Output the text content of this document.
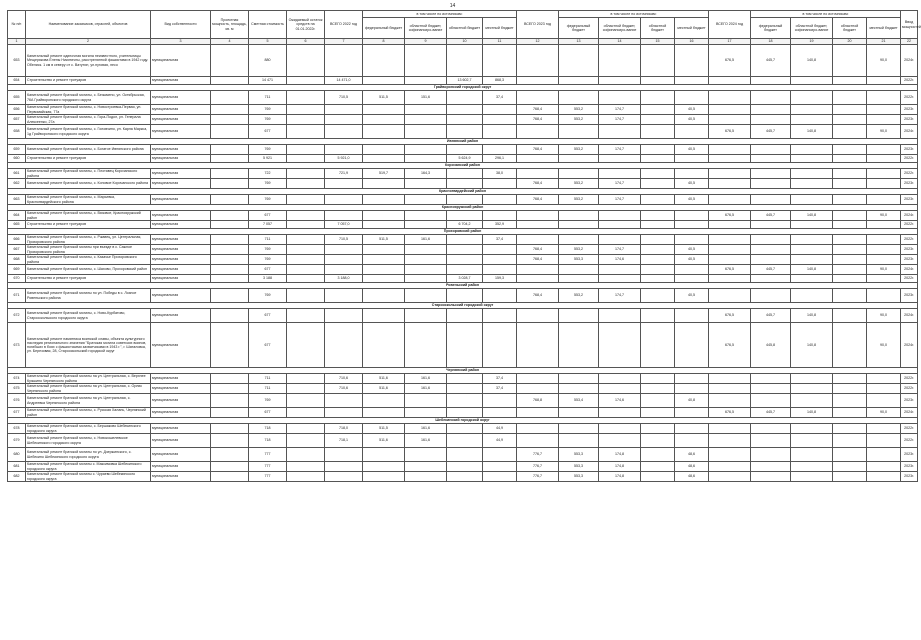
14
№ п/п	Наименование заказчиков, отраслей, объектов	Вид собственности	Проектная мощность, площадь, кв. м	Сметная стоимость	Ожидаемый остаток средств на 01.01.2022г.	ВСЕГО 2022 год	в том числе по источникам:				ВСЕГО 2023 год	в том числе по источникам:				ВСЕГО 2024 год	в том числе по источникам:				Ввод мощностей
							федеральный бюджет	областной бюджет, софинансиро-вание	областной бюджет	местный бюджет		федеральный бюджет	областной бюджет, софинансиро-вание	областной бюджет	местный бюджет		федеральный бюджет	областной бюджет, софинансиро-вание	областной бюджет	местный бюджет	
1	2	3	4	5	6	7	8	9	10	11	12	13	14	15	16	17	18	19	20	21	22
653	Капитальный ремонт одиночная могила неизвестного, учительницы Мещерякова Елены Никитичны, расстрелянной фашистами в 1942 году. Обелиск. 1 км в северу от с. Ватутин, ул.пуговая, лесо	муниципальная		880												676,5	445,7	140,8		90,0	2024г.
654	Строительство и ремонт тротуаров	муниципальная		14 471		14 471,0			13 602,7	868,3											2022г.
Грайворонский городской округ																					
655	Капитальный ремонт братской могилы, с. Безымено, ул. Октябрьская, 76А Грайворонского городского округа	муниципальная		711		710,5	511,5	151,6		37,4											2022г.
656	Капитальный ремонт братской могилы, с. Новостроевка-Первая, ул. Первомайская, 77а	муниципальная		769							768,4	553,2	174,7		40,5						2023г.
657	Капитальный ремонт братской могилы, с. Гора-Подол, ул. Генерала Алексеенко, 27а	муниципальная		769							768,4	553,2	174,7		40,5						2023г.
658	Капитальный ремонт братской могилы, с. Головчино, ул. Карла Маркса, 1д Грайворонского городского округа	муниципальная		677												676,5	445,7	140,8		90,0	2024г.
Ивнянский район																					
659	Капитальный ремонт братской могилы, с. Богатое Ивнянского района	муниципальная		769							768,4	553,2	174,7		40,5						2023г.
660	Строительство и ремонт тротуаров	муниципальная		5 921		5 921,0			5 624,9	296,1											2022г.
Корочанский район																					
661	Капитальный ремонт братской могилы, с. Плотавец Корочанского района	муниципальная		722		721,9	519,7	164,3		38,0											2022г.
662	Капитальный ремонт братской могилы, с. Коновое Корочанского района	муниципальная		769							768,4	553,2	174,7		40,5						2023г.
Красногвардейский район																					
663	Капитальный ремонт братской могилы, с. Марьевка, Красногвардейского района	муниципальная		769							768,4	553,2	174,7		40,5						2023г.
Краснояружский район																					
664	Капитальный ремонт братской могилы, с. Вязовое, Краснояружский район	муниципальная		677												676,5	445,7	140,8		90,0	2024г.
665	Строительство и ремонт тротуаров	муниципальная		7 057		7 057,0			6 704,2	352,9											2022г.
Прохоровский район																					
666	Капитальный ремонт братской могилы, с. Ржавец, ул. Центральная, Прохоровского района	муниципальная		711		710,5	511,5	161,6		37,4											2022г.
667	Капитальный ремонт братской могилы при въезде в с. Сажное Прохоровского района	муниципальная		769							768,4	553,2	174,7		40,5						2023г.
668	Капитальный ремонт братской могилы, с. Казачье Прохоровского района	муниципальная		769							768,4	553,3	174,6		40,5						2023г.
669	Капитальный ремонт братской могилы, с. Шахово, Прохоровский район	муниципальная		677												676,5	445,7	140,8		90,0	2024г.
670	Строительство и ремонт тротуаров	муниципальная		3 188		3 188,0			3 028,7	159,3											2022г.
Ровеньский район																					
671	Капитальный ремонт братской могилы по ул. Победы в с. Лозное Ровеньского района	муниципальная		769							768,4	553,2	174,7		40,5						2023г.
Старооскольский городской округ																					
672	Капитальный ремонт братской могилы, с. Ново-Курбатово, Старооскольского городского округа	муниципальная		677												676,5	445,7	140,8		90,0	2024г.
673	Капитальный ремонт памятника воинской славы, объекта культурного наследия регионального значения "Братская могила советских воинов, погибших в боях с фашистскими захватчиками в 1943 г.", г. Шаталовка, ул. Березовая, 28, Старооскольский городской округ	муниципальная		677												676,5	445,8	140,8		90,0	2024г.
Чернянский район																					
674	Капитальный ремонт братской могилы на ул. Центральная, с. Верхнее Кузькино Чернянского района	муниципальная		711		710,6	511,6	161,6		37,4											2022г.
675	Капитальный ремонт братской могилы на ул. Центральная, с. Орлик Чернянского района	муниципальная		711		710,6	511,6	161,6		37,4											2022г.
676	Капитальный ремонт братской могилы на ул. Центральная, с. Андреевка Чернянского района	муниципальная		769							768,8	553,4	174,6		40,8						2023г.
677	Капитальный ремонт братской могилы, с. Русская Халань, Чернянский район	муниципальная		677												676,5	445,7	140,8		90,0	2024г.
Шебекинский городской округ																					
678	Капитальный ремонт братской могилы, с. Бершаково Шебекинского городского округа	муниципальная		718		718,0	511,5	161,6		44,9											2022г.
679	Капитальный ремонт братской могилы, с. Новокошелевское Шебекинского городского округа	муниципальная		718		718,1	511,6	161,6		44,9											2022г.
680	Капитальный ремонт братской могилы по ул. Дзержинского, с. Шебекино Шебекинского городского округа	муниципальная		777							776,7	553,3	174,8		48,6						2023г.
681	Капитальный ремонт братской могилы с. Максимовка Шебекинского городского округа	муниципальная		777							776,7	553,3	174,8		48,6						2023г.
682	Капитальный ремонт братской могилы с. Чураево Шебекинского городского округа	муниципальная		777							776,7	553,3	174,8		48,6						2023г.
